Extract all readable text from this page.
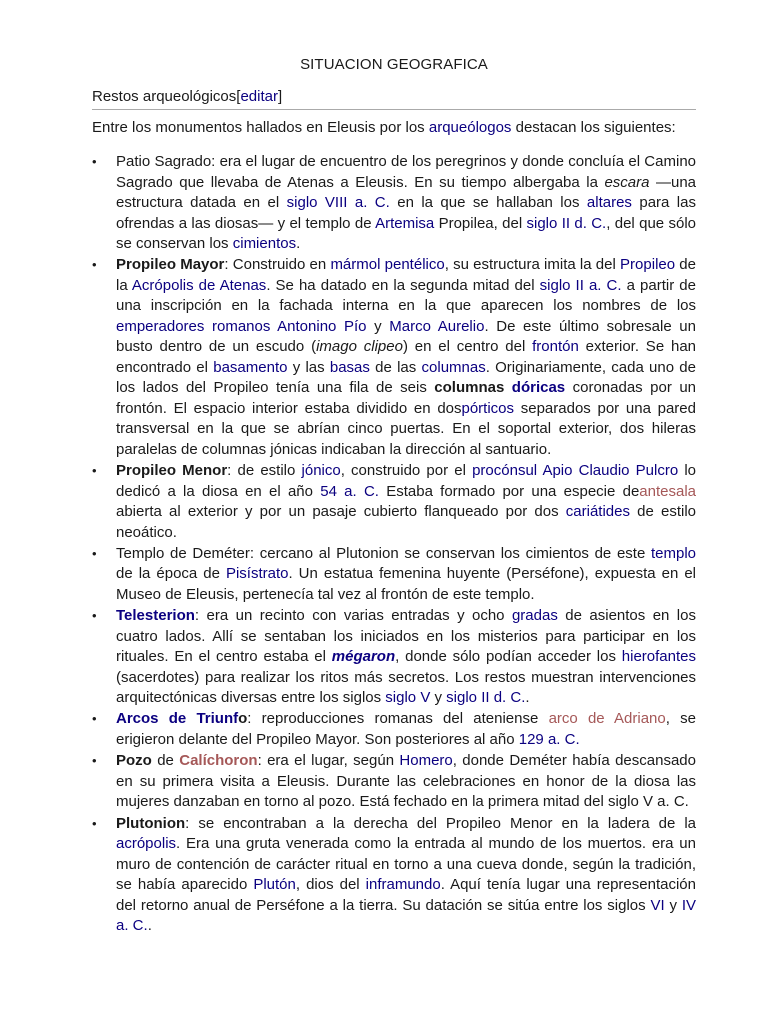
SITUACION GEOGRAFICA
Restos arqueológicos[editar]
Entre los monumentos hallados en Eleusis por los arqueólogos destacan los siguientes:
• Patio Sagrado: era el lugar de encuentro de los peregrinos y donde concluía el Camino Sagrado que llevaba de Atenas a Eleusis. En su tiempo albergaba la escara —una estructura datada en el siglo VIII a. C. en la que se hallaban los altares para las ofrendas a las diosas— y el templo de Artemisa Propilea, del siglo II d. C., del que sólo se conservan los cimientos.
• Propileo Mayor: Construido en mármol pentélico, su estructura imita la del Propileo de la Acrópolis de Atenas. Se ha datado en la segunda mitad del siglo II a. C. a partir de una inscripción en la fachada interna en la que aparecen los nombres de los emperadores romanos Antonino Pío y Marco Aurelio. De este último sobresale un busto dentro de un escudo (imago clipeo) en el centro del frontón exterior. Se han encontrado el basamento y las basas de las columnas. Originariamente, cada uno de los lados del Propileo tenía una fila de seis columnas dóricas coronadas por un frontón. El espacio interior estaba dividido en dospórticos separados por una pared transversal en la que se abrían cinco puertas. En el soportal exterior, dos hileras paralelas de columnas jónicas indicaban la dirección al santuario.
• Propileo Menor: de estilo jónico, construido por el procónsul Apio Claudio Pulcro lo dedicó a la diosa en el año 54 a. C. Estaba formado por una especie deantesala abierta al exterior y por un pasaje cubierto flanqueado por dos cariátides de estilo neoático.
• Templo de Deméter: cercano al Plutonion se conservan los cimientos de este templo de la época de Pisístrato. Un estatua femenina huyente (Perséfone), expuesta en el Museo de Eleusis, pertenecía tal vez al frontón de este templo.
• Telesterion: era un recinto con varias entradas y ocho gradas de asientos en los cuatro lados. Allí se sentaban los iniciados en los misterios para participar en los rituales. En el centro estaba el mégaron, donde sólo podían acceder los hierofantes (sacerdotes) para realizar los ritos más secretos. Los restos muestran intervenciones arquitectónicas diversas entre los siglos siglo V y siglo II d. C..
• Arcos de Triunfo: reproducciones romanas del ateniense arco de Adriano, se erigieron delante del Propileo Mayor. Son posteriores al año 129 a. C.
• Pozo de Calíchoron: era el lugar, según Homero, donde Deméter había descansado en su primera visita a Eleusis. Durante las celebraciones en honor de la diosa las mujeres danzaban en torno al pozo. Está fechado en la primera mitad del siglo V a. C.
• Plutonion: se encontraban a la derecha del Propileo Menor en la ladera de la acrópolis. Era una gruta venerada como la entrada al mundo de los muertos. era un muro de contención de carácter ritual en torno a una cueva donde, según la tradición, se había aparecido Plutón, dios del inframundo. Aquí tenía lugar una representación del retorno anual de Perséfone a la tierra. Su datación se sitúa entre los siglos VI y IV a. C..
